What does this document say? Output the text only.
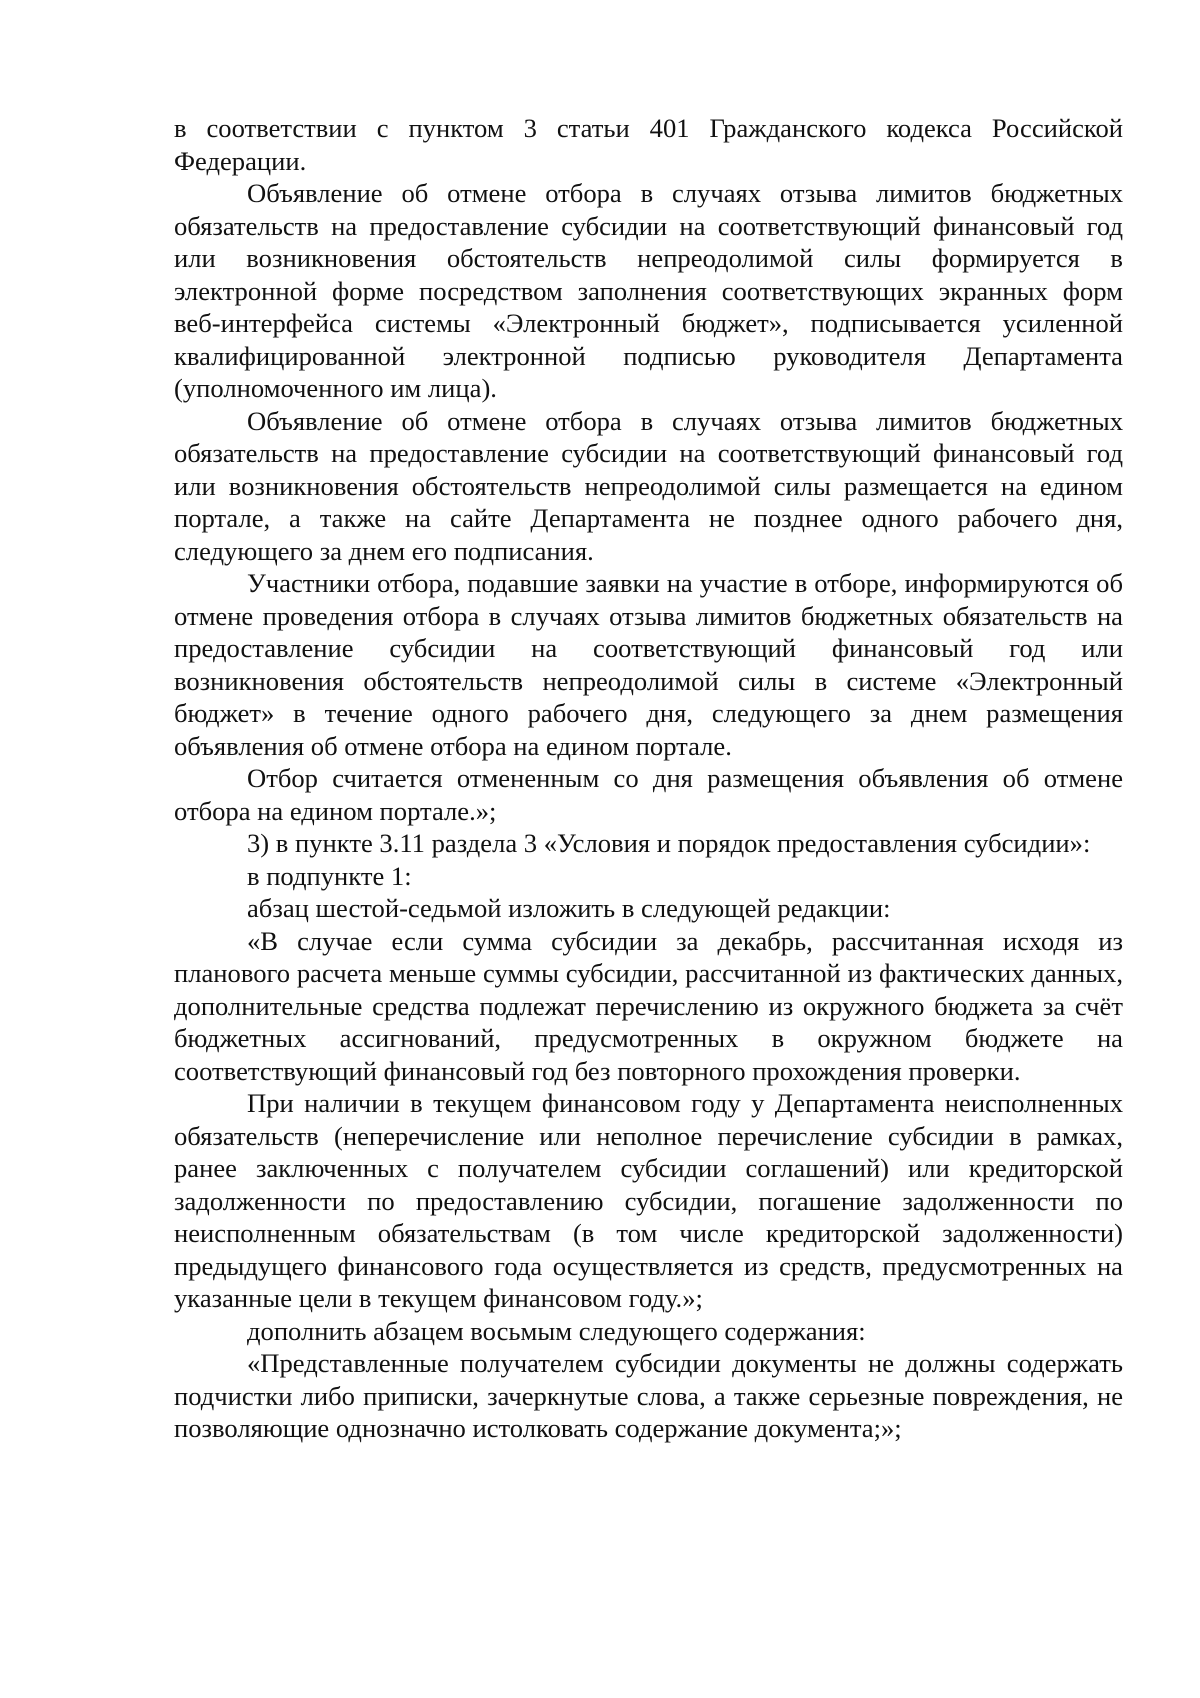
в соответствии с пунктом 3 статьи 401 Гражданского кодекса Российской Федерации.

Объявление об отмене отбора в случаях отзыва лимитов бюджетных обязательств на предоставление субсидии на соответствующий финансовый год или возникновения обстоятельств непреодолимой силы формируется в электронной форме посредством заполнения соответствующих экранных форм веб-интерфейса системы «Электронный бюджет», подписывается усиленной квалифицированной электронной подписью руководителя Департамента (уполномоченного им лица).

Объявление об отмене отбора в случаях отзыва лимитов бюджетных обязательств на предоставление субсидии на соответствующий финансовый год или возникновения обстоятельств непреодолимой силы размещается на едином портале, а также на сайте Департамента не позднее одного рабочего дня, следующего за днем его подписания.

Участники отбора, подавшие заявки на участие в отборе, информируются об отмене проведения отбора в случаях отзыва лимитов бюджетных обязательств на предоставление субсидии на соответствующий финансовый год или возникновения обстоятельств непреодолимой силы в системе «Электронный бюджет» в течение одного рабочего дня, следующего за днем размещения объявления об отмене отбора на едином портале.

Отбор считается отмененным со дня размещения объявления об отмене отбора на едином портале.»;

3) в пункте 3.11 раздела 3 «Условия и порядок предоставления субсидии»:

в подпункте 1:

абзац шестой-седьмой изложить в следующей редакции:

«В случае если сумма субсидии за декабрь, рассчитанная исходя из планового расчета меньше суммы субсидии, рассчитанной из фактических данных, дополнительные средства подлежат перечислению из окружного бюджета за счёт бюджетных ассигнований, предусмотренных в окружном бюджете на соответствующий финансовый год без повторного прохождения проверки.

При наличии в текущем финансовом году у Департамента неисполненных обязательств (неперечисление или неполное перечисление субсидии в рамках, ранее заключенных с получателем субсидии соглашений) или кредиторской задолженности по предоставлению субсидии, погашение задолженности по неисполненным обязательствам (в том числе кредиторской задолженности) предыдущего финансового года осуществляется из средств, предусмотренных на указанные цели в текущем финансовом году.»;

дополнить абзацем восьмым следующего содержания:

«Представленные получателем субсидии документы не должны содержать подчистки либо приписки, зачеркнутые слова, а также серьезные повреждения, не позволяющие однозначно истолковать содержание документа;»;
